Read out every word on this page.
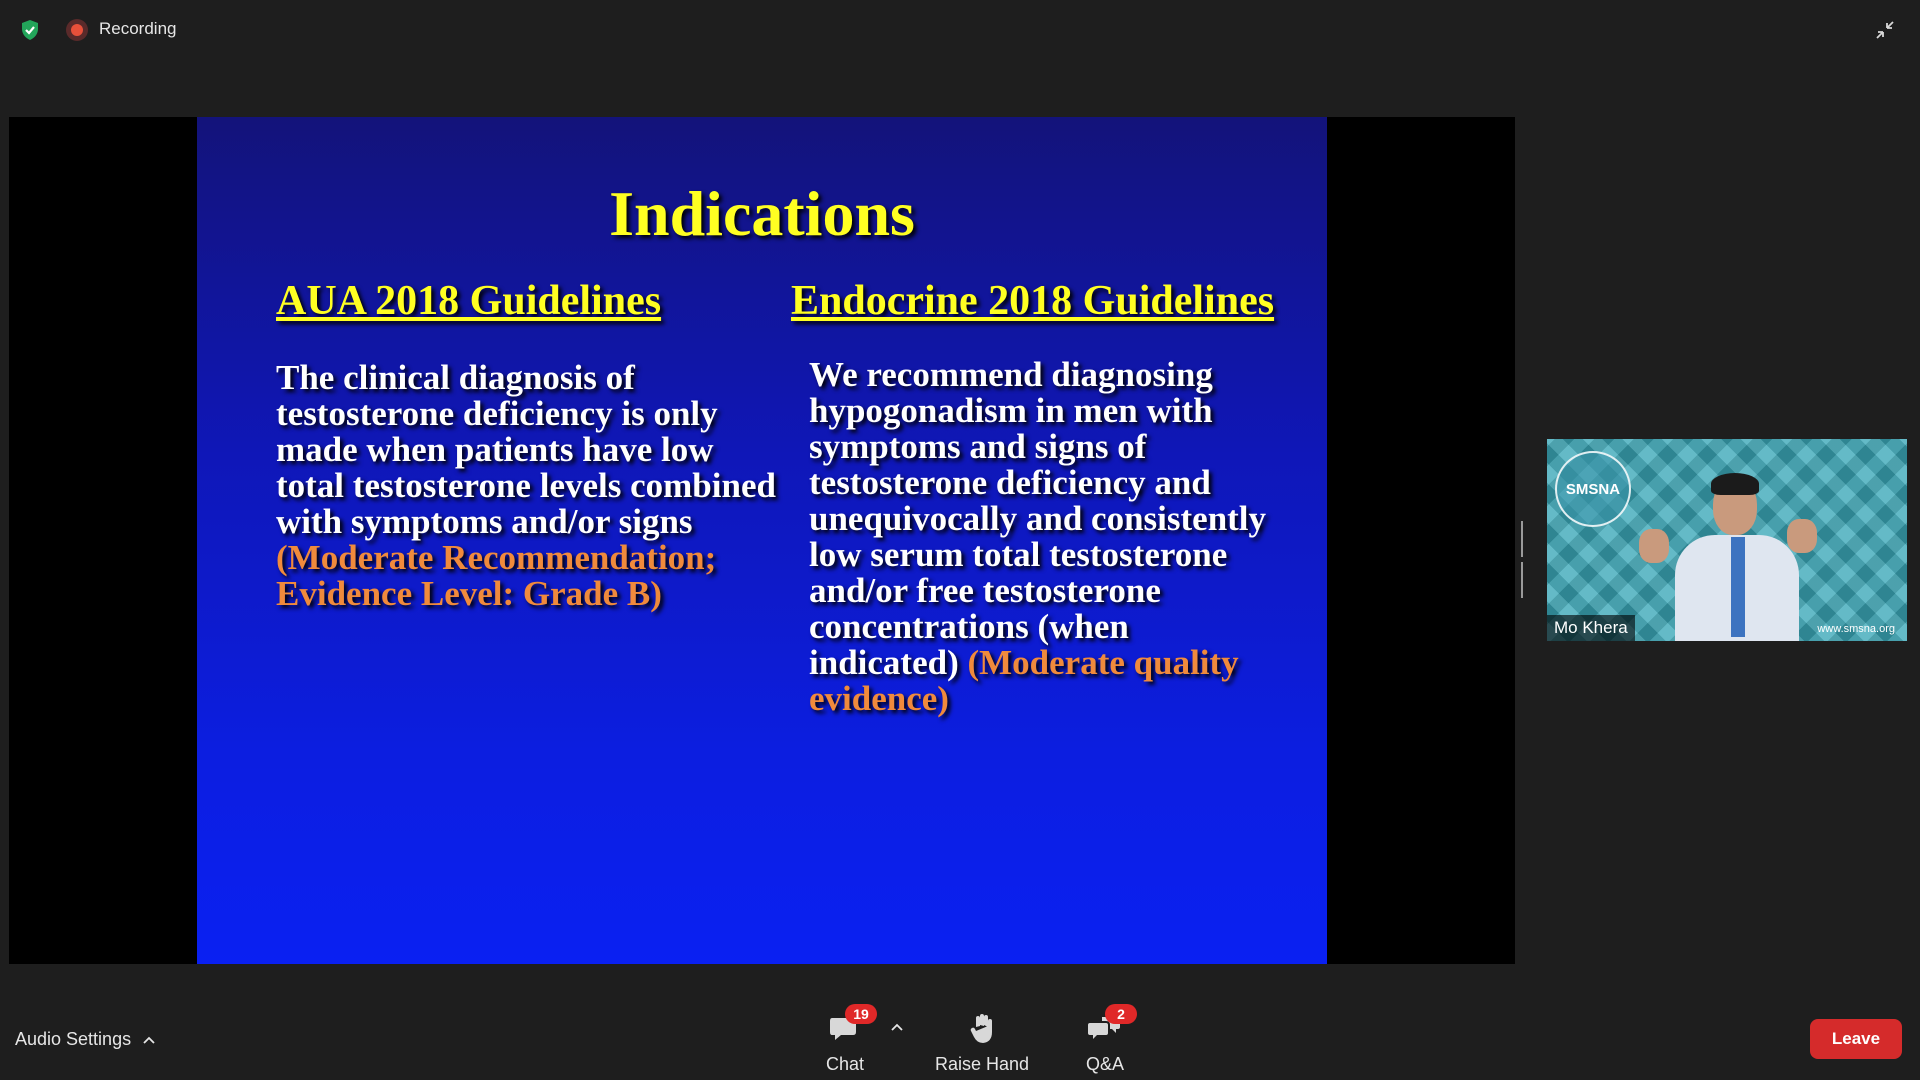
Recording
Indications
AUA 2018 Guidelines	Endocrine 2018 Guidelines
The clinical diagnosis of testosterone deficiency is only made when patients have low total testosterone levels combined with symptoms and/or signs (Moderate Recommendation; Evidence Level: Grade B)
We recommend diagnosing hypogonadism in men with symptoms and signs of testosterone deficiency and unequivocally and consistently low serum total testosterone and/or free testosterone concentrations (when indicated) (Moderate quality evidence)
SMSNA
www.smsna.org
Mo Khera
Audio Settings
19
Chat	Raise Hand
2
Q&A
Leave
